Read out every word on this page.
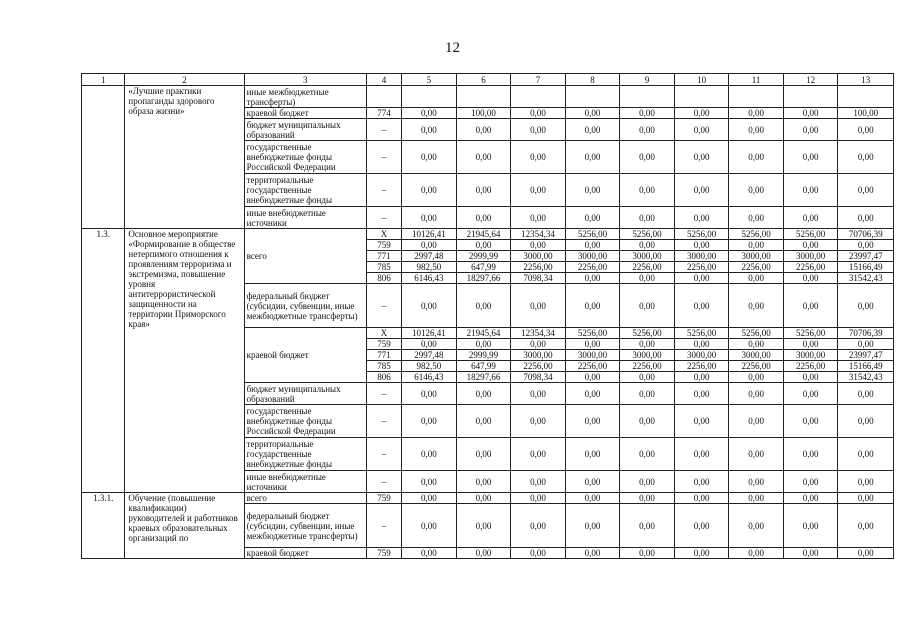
12
1	2	3	4	5	6	7	8	9	10	11	12	13
	«Лучшие практики пропаганды здорового образа жизни»	иные межбюджетные трансферты)										
		краевой бюджет	774	0,00	100,00	0,00	0,00	0,00	0,00	0,00	0,00	100,00
		бюджет муниципальных образований	–	0,00	0,00	0,00	0,00	0,00	0,00	0,00	0,00	0,00
		государственные внебюджетные фонды Российской Федерации	–	0,00	0,00	0,00	0,00	0,00	0,00	0,00	0,00	0,00
		территориальные государственные внебюджетные фонды	–	0,00	0,00	0,00	0,00	0,00	0,00	0,00	0,00	0,00
		иные внебюджетные источники	–	0,00	0,00	0,00	0,00	0,00	0,00	0,00	0,00	0,00
1.3.	Основное мероприятие «Формирование в обществе нетерпимого отношения к проявлениям терроризма и экстремизма, повышение уровня антитеррористической защищенности на территории Приморского края»	всего	X	10126,41	21945,64	12354,34	5256,00	5256,00	5256,00	5256,00	5256,00	70706,39
			759	0,00	0,00	0,00	0,00	0,00	0,00	0,00	0,00	0,00
			771	2997,48	2999,99	3000,00	3000,00	3000,00	3000,00	3000,00	3000,00	23997,47
			785	982,50	647,99	2256,00	2256,00	2256,00	2256,00	2256,00	2256,00	15166,49
			806	6146,43	18297,66	7098,34	0,00	0,00	0,00	0,00	0,00	31542,43
		федеральный бюджет (субсидии, субвенции, иные межбюджетные трансферты)	–	0,00	0,00	0,00	0,00	0,00	0,00	0,00	0,00	0,00
		краевой бюджет	X	10126,41	21945,64	12354,34	5256,00	5256,00	5256,00	5256,00	5256,00	70706,39
			759	0,00	0,00	0,00	0,00	0,00	0,00	0,00	0,00	0,00
			771	2997,48	2999,99	3000,00	3000,00	3000,00	3000,00	3000,00	3000,00	23997,47
			785	982,50	647,99	2256,00	2256,00	2256,00	2256,00	2256,00	2256,00	15166,49
			806	6146,43	18297,66	7098,34	0,00	0,00	0,00	0,00	0,00	31542,43
		бюджет муниципальных образований	–	0,00	0,00	0,00	0,00	0,00	0,00	0,00	0,00	0,00
		государственные внебюджетные фонды Российской Федерации	–	0,00	0,00	0,00	0,00	0,00	0,00	0,00	0,00	0,00
		территориальные государственные внебюджетные фонды	–	0,00	0,00	0,00	0,00	0,00	0,00	0,00	0,00	0,00
		иные внебюджетные источники	–	0,00	0,00	0,00	0,00	0,00	0,00	0,00	0,00	0,00
1.3.1.	Обучение (повышение квалификации) руководителей и работников краевых образовательных организаций по	всего	759	0,00	0,00	0,00	0,00	0,00	0,00	0,00	0,00	0,00
		федеральный бюджет (субсидии, субвенции, иные межбюджетные трансферты)	–	0,00	0,00	0,00	0,00	0,00	0,00	0,00	0,00	0,00
		краевой бюджет	759	0,00	0,00	0,00	0,00	0,00	0,00	0,00	0,00	0,00
